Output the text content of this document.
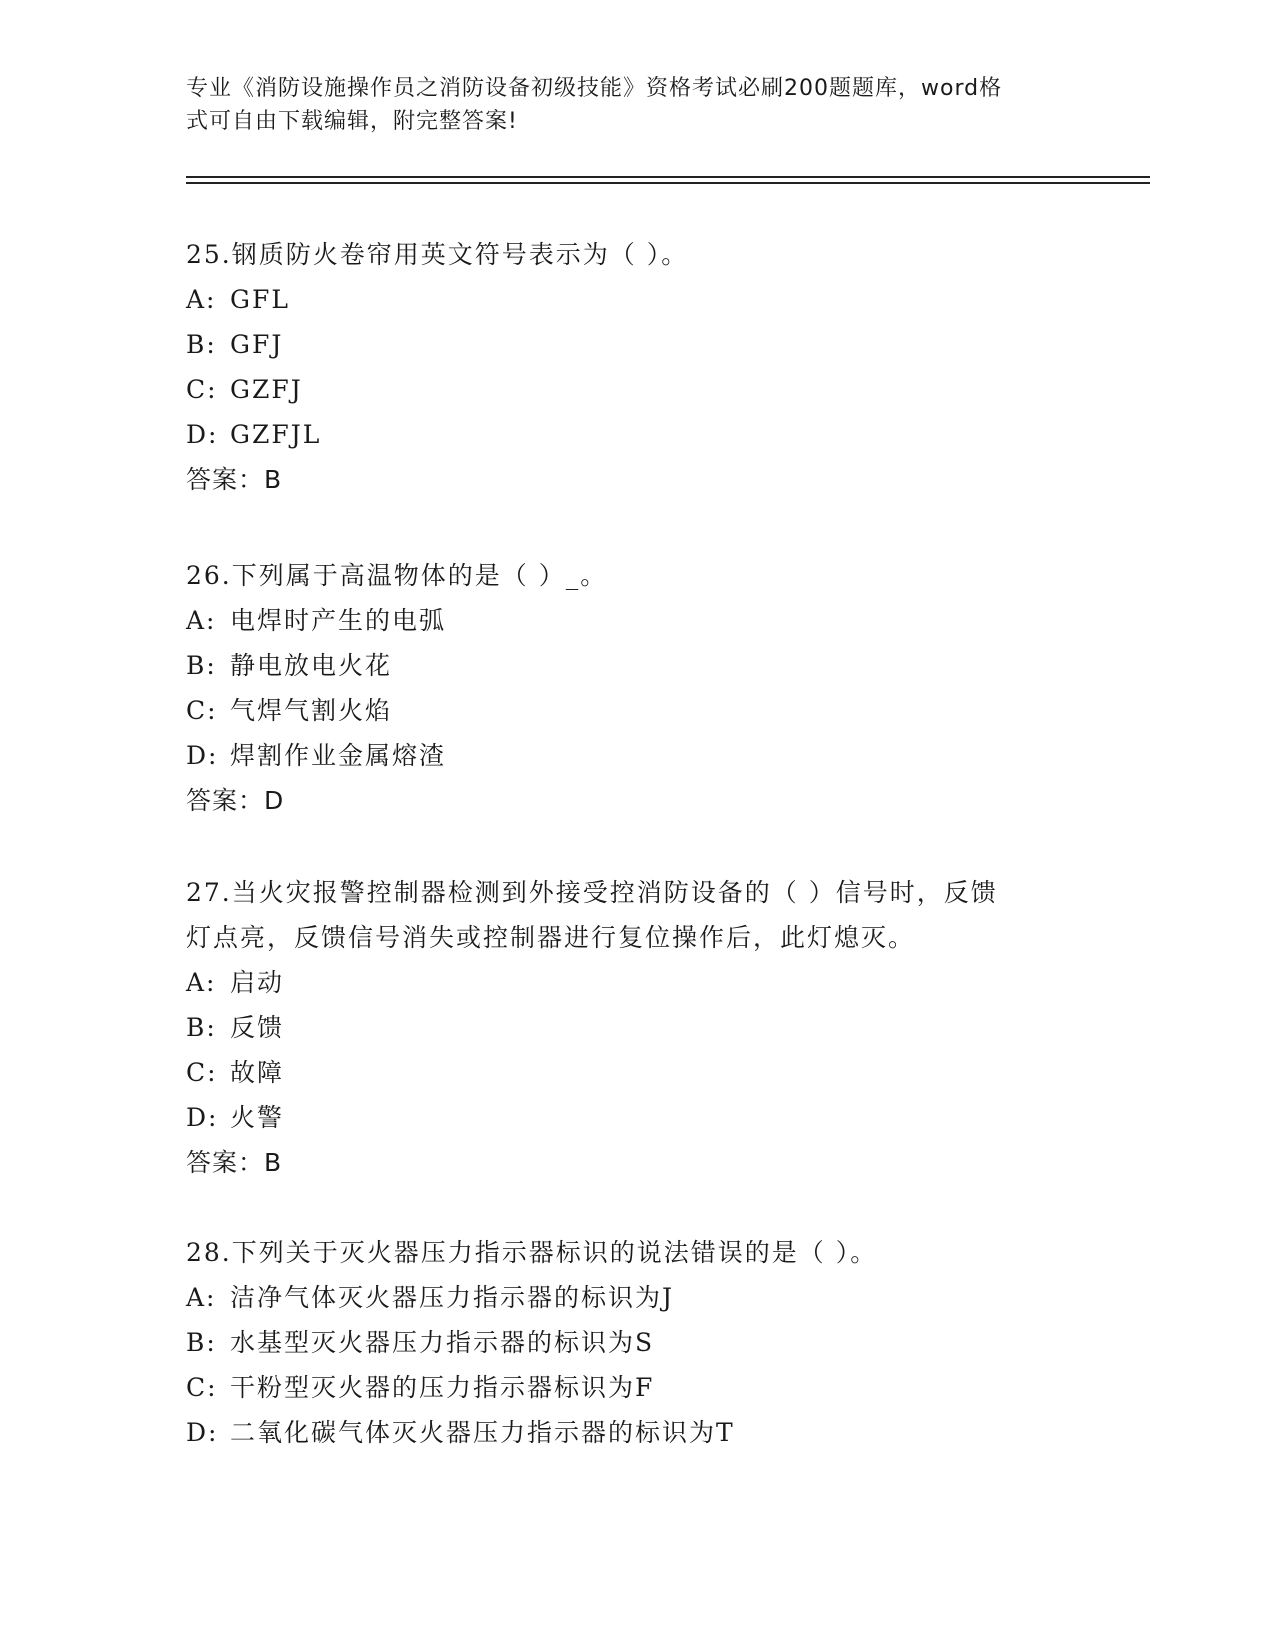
专业《消防设施操作员之消防设备初级技能》资格考试必刷200题题库，word格
式可自由下载编辑，附完整答案!

25.钢质防火卷帘用英文符号表示为（ ）。

A: GFL
B: GFJ
C: GZFJ
D: GZFJL
答案：B

26.下列属于高温物体的是（ ）_。

A: 电焊时产生的电弧
B: 静电放电火花
C: 气焊气割火焰
D: 焊割作业金属熔渣
答案：D

27.当火灾报警控制器检测到外接受控消防设备的（ ）信号时，反馈

灯点亮，反馈信号消失或控制器进行复位操作后，此灯熄灭。

A: 启动
B: 反馈
C: 故障
D: 火警
答案：B

28.下列关于灭火器压力指示器标识的说法错误的是（ ）。

A: 洁净气体灭火器压力指示器的标识为J
B: 水基型灭火器压力指示器的标识为S
C: 干粉型灭火器的压力指示器标识为F
D: 二氧化碳气体灭火器压力指示器的标识为T
